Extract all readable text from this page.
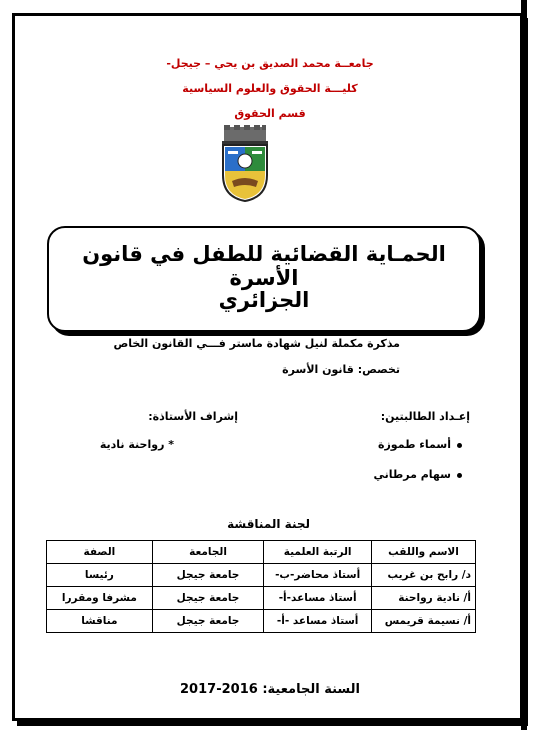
جامعــة محمد الصديق بن يحي – جيجل-
كليـــة الحقوق والعلوم السياسية
قسم الحقوق
الحمـاية القضائية للطفل في قانون الأسرة
الجزائري
مذكرة مكملة لنيل شهادة ماستر فـــي القانون الخاص
تخصص: قانون الأسرة
إعـداد الطالبتين:
إشراف الأستاذة:
أسماء طموزة
سهام مرطاني
* رواحنة نادية
لجنة المناقشة
الاسم واللقب	الرتبة العلمية	الجامعة	الصفة
د/ رابح بن غريب	أستاذ محاضر-ب-	جامعة جيجل	رئيسا
أ/ نادية رواحنة	أستاذ مساعد-أ-	جامعة جيجل	مشرفا ومقررا
أ/ نسيمة قريمس	أستاذ مساعد -أ-	جامعة جيجل	مناقشا
السنة الجامعية: 2016-2017
